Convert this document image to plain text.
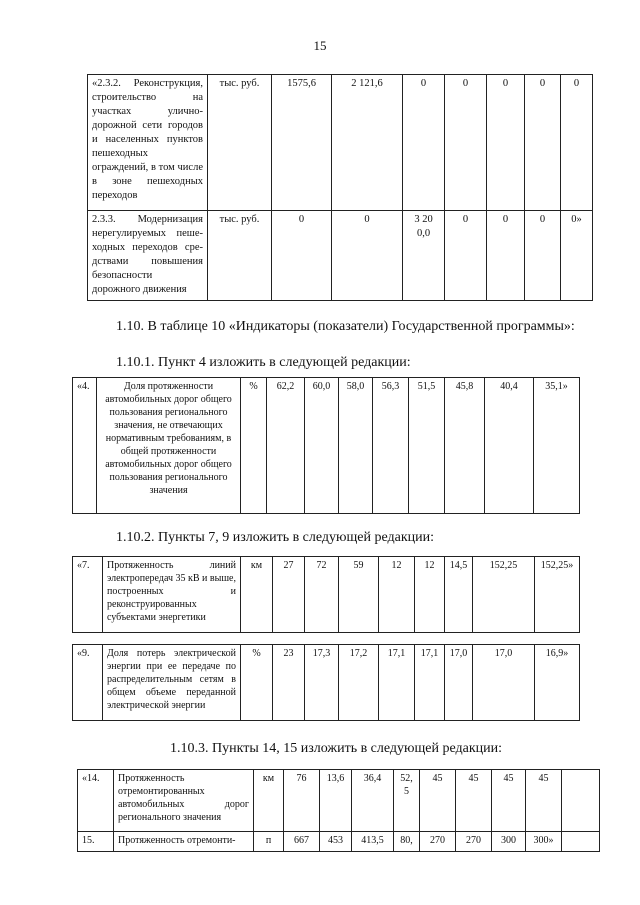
15
«2.3.2. Реконструкция, строительство на участках улично-дорожной сети городов и населенных пунктов пешеходных ограждений, в том числе в зоне пешеходных переходов	тыс. руб.	1575,6	2 121,6	0	0	0	0	0
2.3.3. Модернизация нерегулируемых пеше-ходных переходов сре-дствами повышения безопасности дорожного движения	тыс. руб.	0	0	3 20 0,0	0	0	0	0»

1.10. В таблице 10 «Индикаторы (показатели) Государственной программы»:

1.10.1. Пункт 4 изложить в следующей редакции:

«4.	Доля протяженности автомобильных дорог общего пользования регионального значения, не отвечающих нормативным требованиям, в общей протяженности автомобильных дорог общего пользования регионального значения	%	62,2	60,0	58,0	56,3	51,5	45,8	40,4	35,1»

1.10.2. Пункты 7, 9 изложить в следующей редакции:

«7.	Протяженность линий электропередач 35 кВ и выше, построенных и реконструированных субъектами энергетики	км	27	72	59	12	12	14,5	152,25	152,25»
«9.	Доля потерь электрической энергии при ее передаче по распределительным сетям в общем объеме переданной электрической энергии	%	23	17,3	17,2	17,1	17,1	17,0	17,0	16,9»

1.10.3. Пункты 14, 15 изложить в следующей редакции:

«14.	Протяженность отремонтированных автомобильных дорог регионального значения	км	76	13,6	36,4	52, 5	45	45	45	45	
15.	Протяженность отремонти-	п	667	453	413,5	80,	270	270	300	300»	
